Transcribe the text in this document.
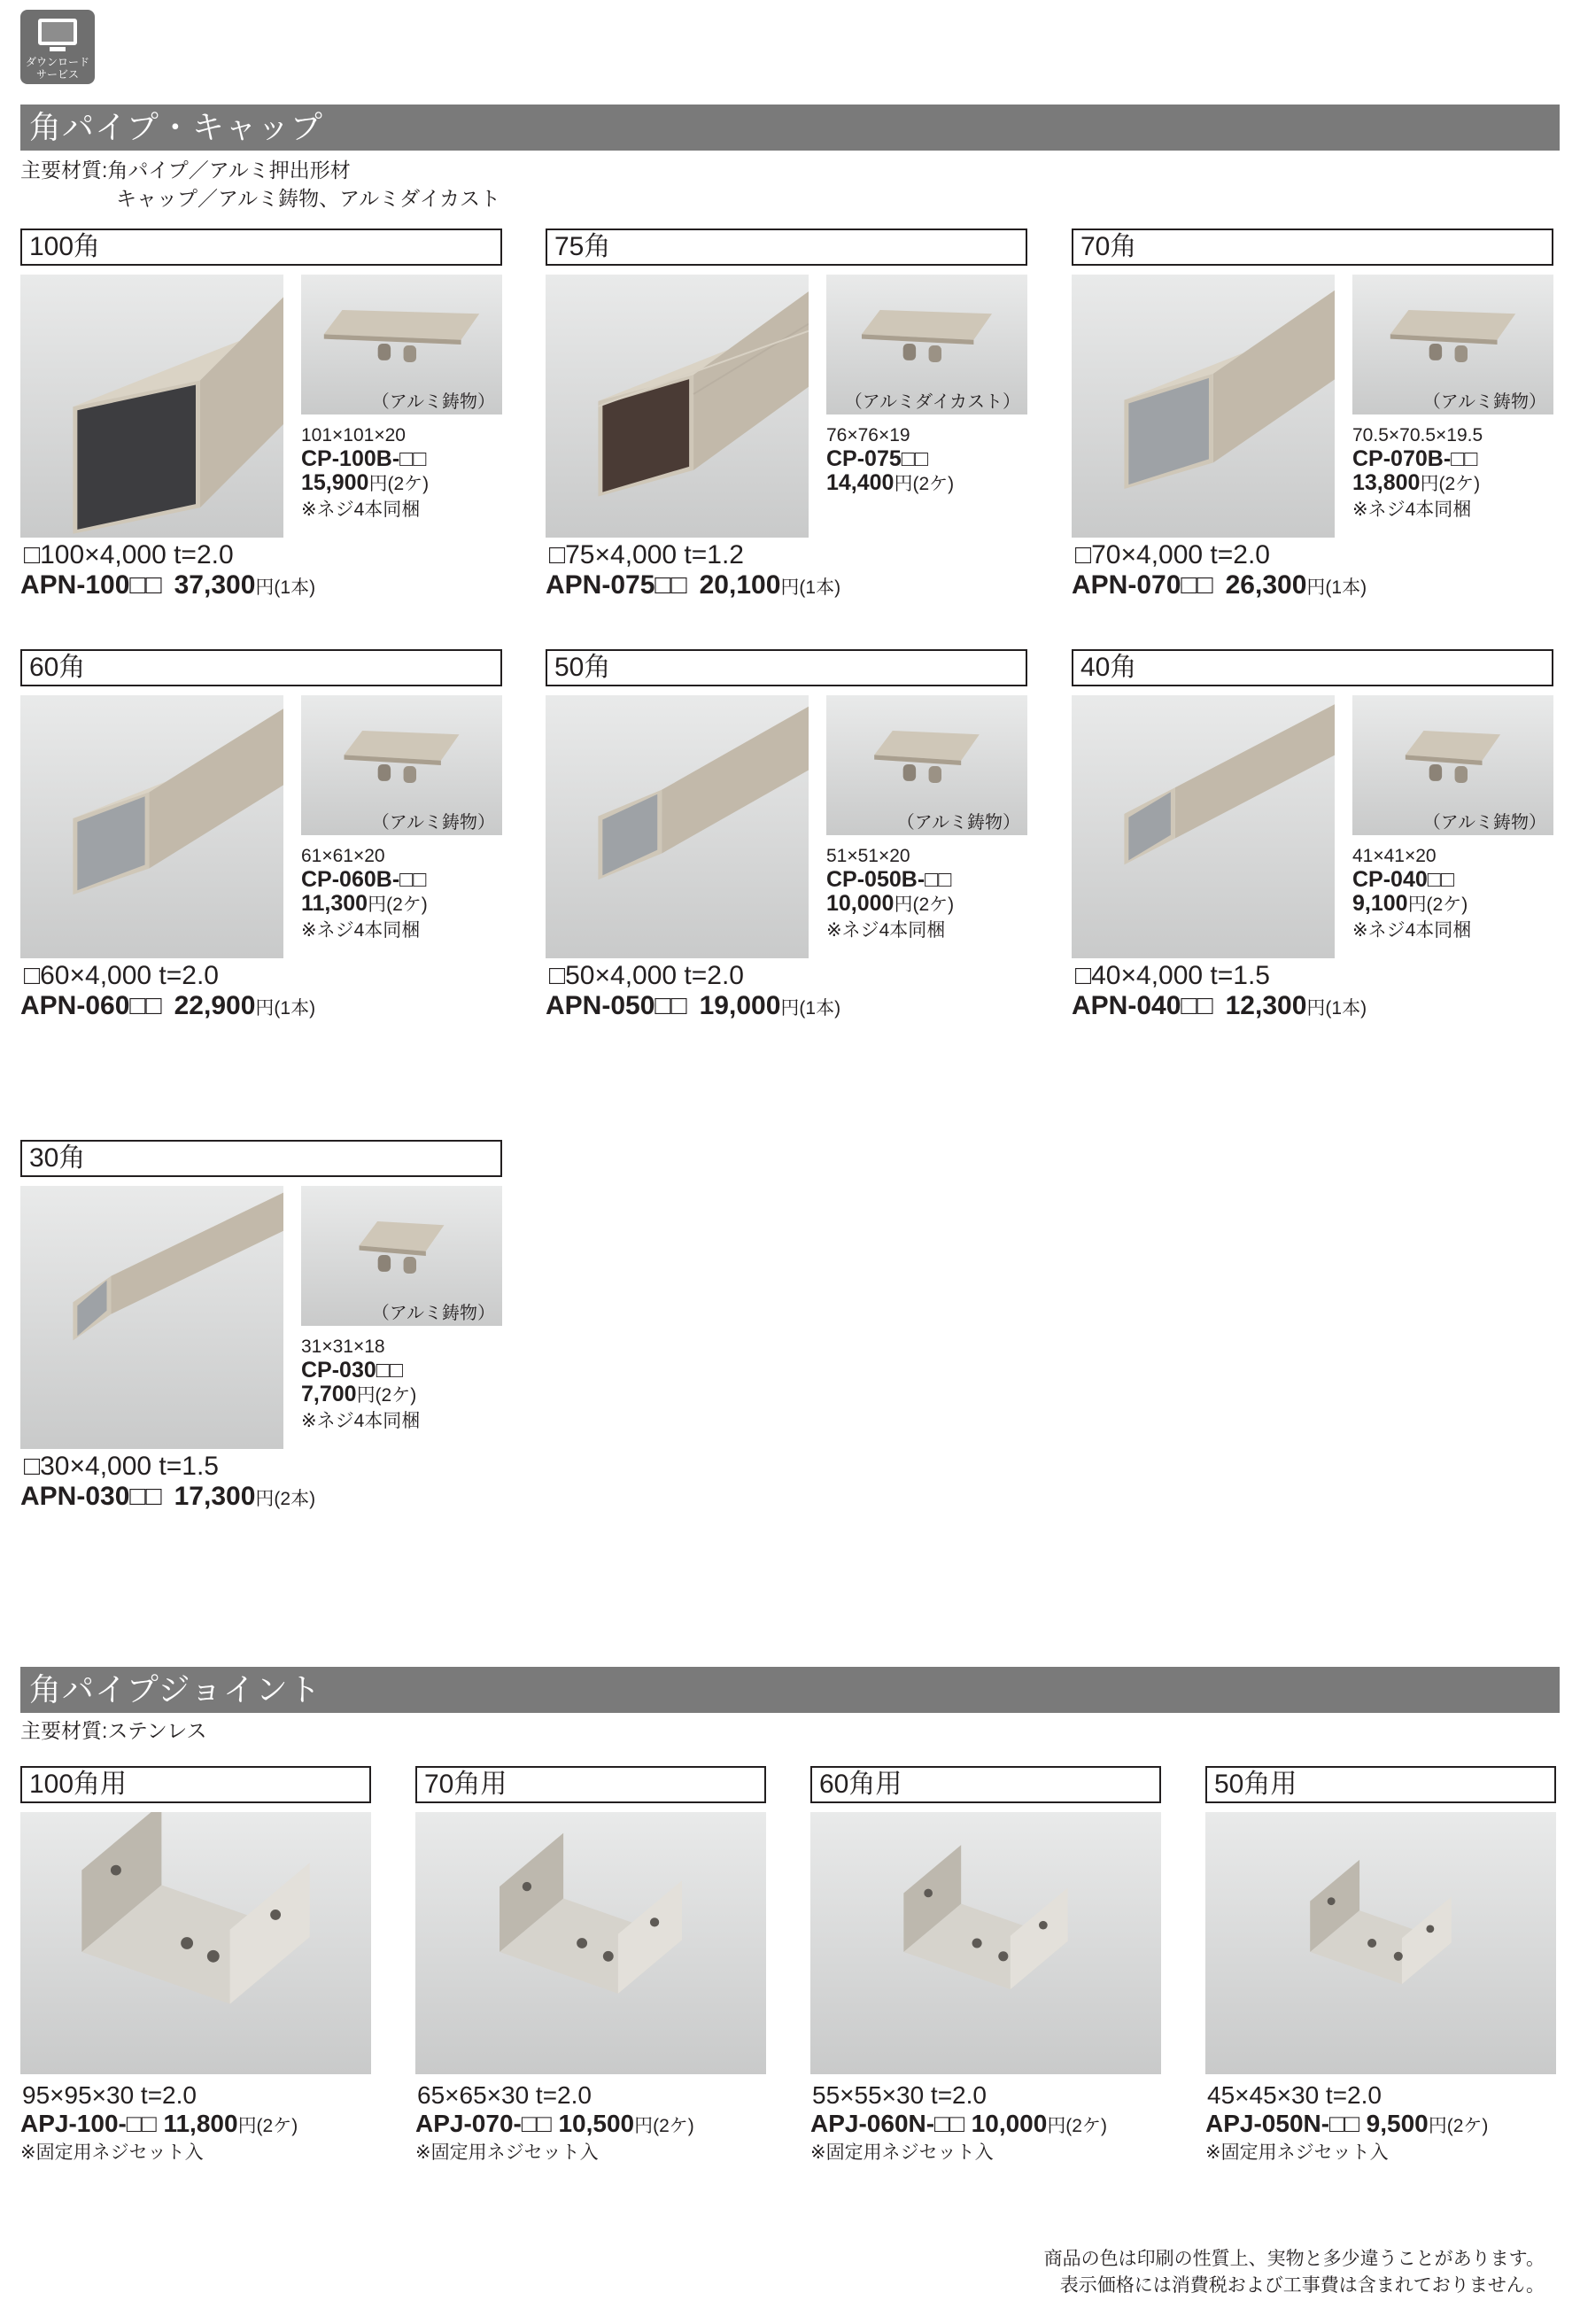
ダウンロード
サービス
角パイプ・キャップ
主要材質:角パイプ／アルミ押出形材
キャップ／アルミ鋳物、アルミダイカスト
100角
（アルミ鋳物）
101×101×20
CP-100B-□□
15,900円(2ケ)
※ネジ4本同梱
□100×4,000 t=2.0
APN-100□□ 37,300円(1本)
75角
（アルミダイカスト）
76×76×19
CP-075□□
14,400円(2ケ)
□75×4,000 t=1.2
APN-075□□ 20,100円(1本)
70角
（アルミ鋳物）
70.5×70.5×19.5
CP-070B-□□
13,800円(2ケ)
※ネジ4本同梱
□70×4,000 t=2.0
APN-070□□ 26,300円(1本)
60角
（アルミ鋳物）
61×61×20
CP-060B-□□
11,300円(2ケ)
※ネジ4本同梱
□60×4,000 t=2.0
APN-060□□ 22,900円(1本)
50角
（アルミ鋳物）
51×51×20
CP-050B-□□
10,000円(2ケ)
※ネジ4本同梱
□50×4,000 t=2.0
APN-050□□ 19,000円(1本)
40角
（アルミ鋳物）
41×41×20
CP-040□□
9,100円(2ケ)
※ネジ4本同梱
□40×4,000 t=1.5
APN-040□□ 12,300円(1本)
30角
（アルミ鋳物）
31×31×18
CP-030□□
7,700円(2ケ)
※ネジ4本同梱
□30×4,000 t=1.5
APN-030□□ 17,300円(2本)
角パイプジョイント
主要材質:ステンレス
100角用
95×95×30 t=2.0
APJ-100-□□ 11,800円(2ケ)
※固定用ネジセット入
70角用
65×65×30 t=2.0
APJ-070-□□ 10,500円(2ケ)
※固定用ネジセット入
60角用
55×55×30 t=2.0
APJ-060N-□□ 10,000円(2ケ)
※固定用ネジセット入
50角用
45×45×30 t=2.0
APJ-050N-□□ 9,500円(2ケ)
※固定用ネジセット入
商品の色は印刷の性質上、実物と多少違うことがあります。
表示価格には消費税および工事費は含まれておりません。
